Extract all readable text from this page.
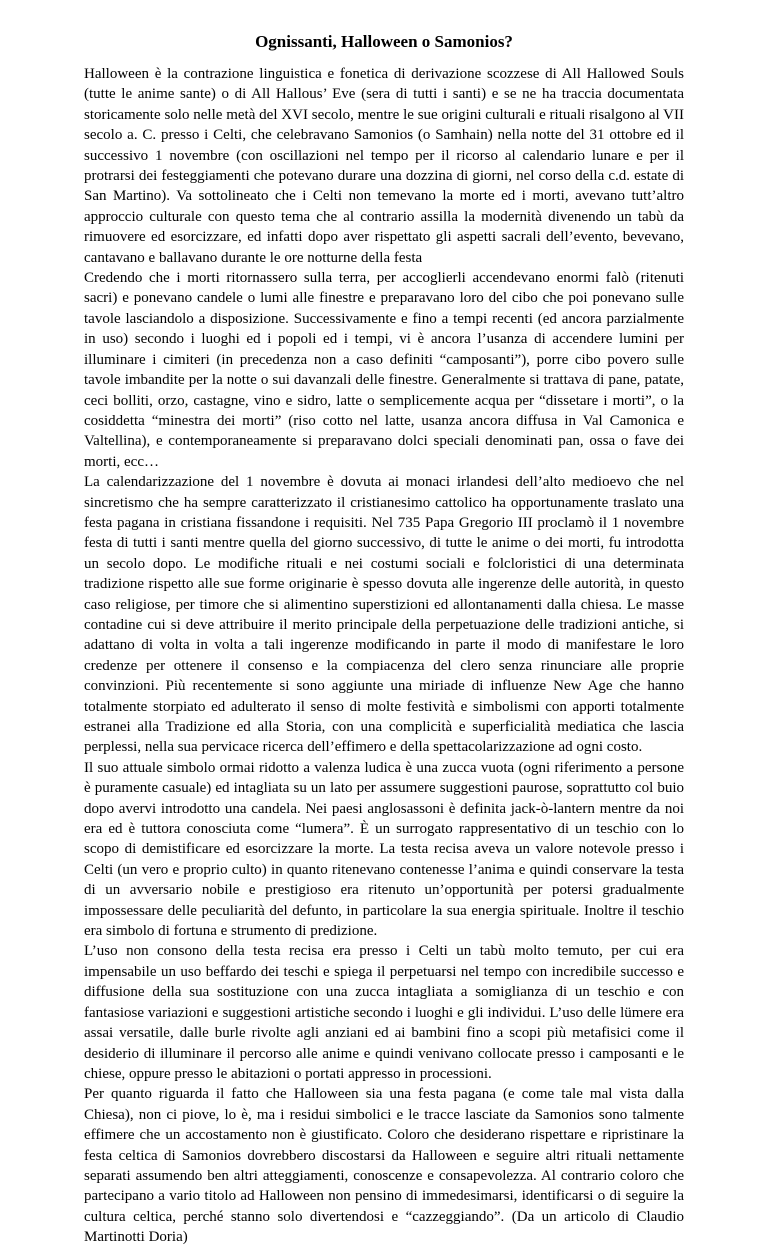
Ognissanti, Halloween o Samonios?

Halloween è la contrazione linguistica e fonetica di derivazione scozzese di All Hallowed Souls (tutte le anime sante) o di All Hallous’ Eve (sera di tutti i santi) e se ne ha traccia documentata storicamente solo nelle metà del XVI secolo, mentre le sue origini culturali e rituali risalgono al VII secolo a. C. presso i Celti, che celebravano Samonios (o Samhain) nella notte del 31 ottobre ed il successivo 1 novembre (con oscillazioni nel tempo per il ricorso al calendario lunare e per il protrarsi dei festeggiamenti che potevano durare una dozzina di giorni, nel corso della c.d. estate di San Martino). Va sottolineato che i Celti non temevano la morte ed i morti, avevano tutt’altro approccio culturale con questo tema che al contrario assilla la modernità divenendo un tabù da rimuovere ed esorcizzare, ed infatti dopo aver rispettato gli aspetti sacrali dell’evento, bevevano, cantavano e ballavano durante le ore notturne della festa

Credendo che i morti ritornassero sulla terra, per accoglierli accendevano enormi falò (ritenuti sacri) e ponevano candele o lumi alle finestre e preparavano loro del cibo che poi ponevano sulle tavole lasciandolo a disposizione. Successivamente e fino a tempi recenti (ed ancora parzialmente in uso) secondo i luoghi ed i popoli ed i tempi, vi è ancora l’usanza di accendere lumini per illuminare i cimiteri (in precedenza non a caso definiti “camposanti”), porre cibo povero sulle tavole imbandite per la notte o sui davanzali delle finestre. Generalmente si trattava di pane, patate, ceci bolliti, orzo, castagne, vino e sidro, latte o semplicemente acqua per “dissetare i morti”, o la cosiddetta “minestra dei morti” (riso cotto nel latte, usanza ancora diffusa in Val Camonica e Valtellina), e contemporaneamente si preparavano dolci speciali denominati pan, ossa o fave dei morti, ecc…

La calendarizzazione del 1 novembre è dovuta ai monaci irlandesi dell’alto medioevo che nel sincretismo che ha sempre caratterizzato il cristianesimo cattolico ha opportunamente traslato una festa pagana in cristiana fissandone i requisiti. Nel 735 Papa Gregorio III proclamò il 1 novembre festa di tutti i santi mentre quella del giorno successivo, di tutte le anime o dei morti, fu introdotta un secolo dopo. Le modifiche rituali e nei costumi sociali e folcloristici di una determinata tradizione rispetto alle sue forme originarie è spesso dovuta alle ingerenze delle autorità, in questo caso religiose, per timore che si alimentino superstizioni ed allontanamenti dalla chiesa. Le masse contadine cui si deve attribuire il merito principale della perpetuazione delle tradizioni antiche, si adattano di volta in volta a tali ingerenze modificando in parte il modo di manifestare le loro credenze per ottenere il consenso e la compiacenza del clero senza rinunciare alle proprie convinzioni. Più recentemente si sono aggiunte una miriade di influenze New Age che hanno totalmente storpiato ed adulterato il senso di molte festività e simbolismi con apporti totalmente estranei alla Tradizione ed alla Storia, con una complicità e superficialità mediatica che lascia perplessi, nella sua pervicace ricerca dell’effimero e della spettacolarizzazione ad ogni costo.

Il suo attuale simbolo ormai ridotto a valenza ludica è una zucca vuota (ogni riferimento a persone è puramente casuale) ed intagliata su un lato per assumere suggestioni paurose, soprattutto col buio dopo avervi introdotto una candela. Nei paesi anglosassoni è definita jack-ò-lantern mentre da noi era ed è tuttora conosciuta come “lumera”. È un surrogato rappresentativo di un teschio con lo scopo di demistificare ed esorcizzare la morte. La testa recisa aveva un valore notevole presso i Celti (un vero e proprio culto) in quanto ritenevano contenesse l’anima e quindi conservare la testa di un avversario nobile e prestigioso era ritenuto un’opportunità per potersi gradualmente impossessare delle peculiarità del defunto, in particolare la sua energia spirituale. Inoltre il teschio era simbolo di fortuna e strumento di predizione.

L’uso non consono della testa recisa era presso i Celti un tabù molto temuto, per cui era impensabile un uso beffardo dei teschi e spiega il perpetuarsi nel tempo con incredibile successo e diffusione della sua sostituzione con una zucca intagliata a somiglianza di un teschio e con fantasiose variazioni e suggestioni artistiche secondo i luoghi e gli individui. L’uso delle lümere era assai versatile, dalle burle rivolte agli anziani ed ai bambini fino a scopi più metafisici come il desiderio di illuminare il percorso alle anime e quindi venivano collocate presso i camposanti e le chiese, oppure presso le abitazioni o portati appresso in processioni.

Per quanto riguarda il fatto che Halloween sia una festa pagana (e come tale mal vista dalla Chiesa), non ci piove, lo è, ma i residui simbolici e le tracce lasciate da Samonios sono talmente effimere che un accostamento non è giustificato. Coloro che desiderano rispettare e ripristinare la festa celtica di Samonios dovrebbero discostarsi da Halloween e seguire altri rituali nettamente separati assumendo ben altri atteggiamenti, conoscenze e consapevolezza. Al contrario coloro che partecipano a vario titolo ad Halloween non pensino di immedesimarsi, identificarsi o di seguire la cultura celtica, perché stanno solo divertendosi e “cazzeggiando”. (Da un articolo di Claudio Martinotti Doria)
